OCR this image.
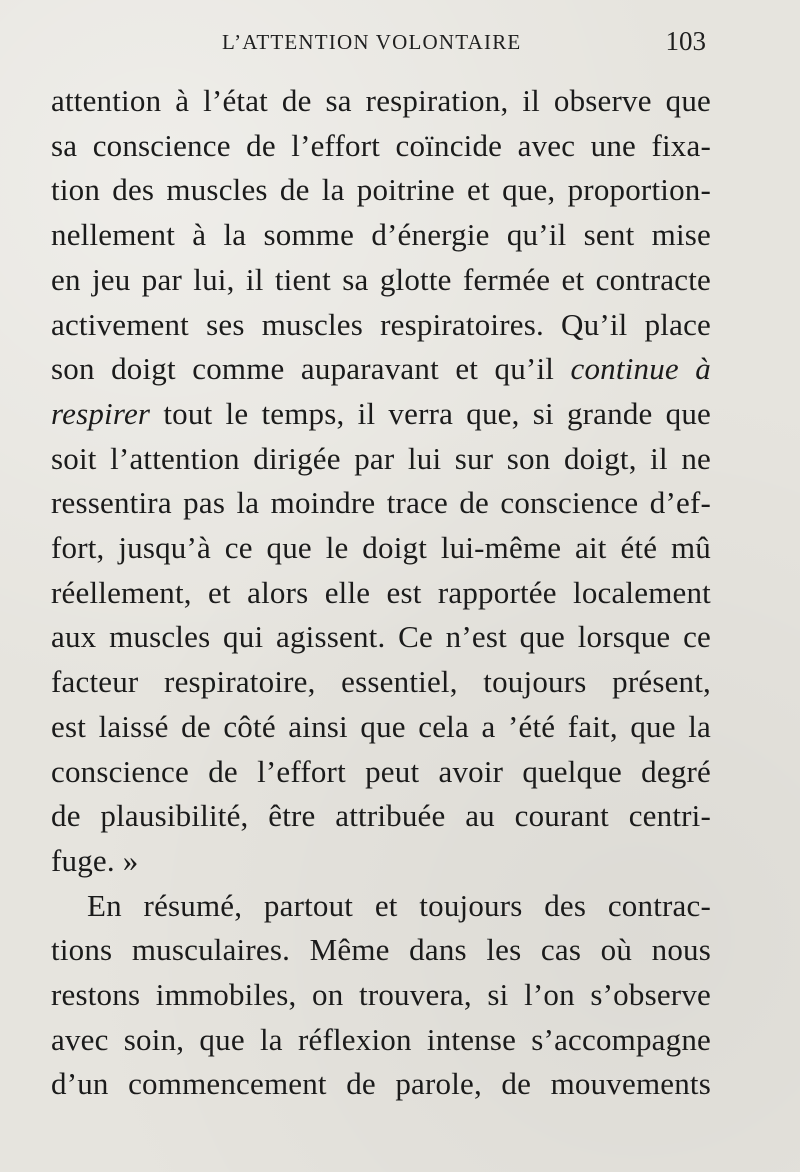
L’ATTENTION VOLONTAIRE	103
attention à l’état de sa respiration, il observe que
sa conscience de l’effort coïncide avec une fixa-
tion des muscles de la poitrine et que, proportion-
nellement à la somme d’énergie qu’il sent mise
en jeu par lui, il tient sa glotte fermée et contracte
activement ses muscles respiratoires. Qu’il place
son doigt comme auparavant et qu’il continue à
respirer tout le temps, il verra que, si grande que
soit l’attention dirigée par lui sur son doigt, il ne
ressentira pas la moindre trace de conscience d’ef-
fort, jusqu’à ce que le doigt lui-même ait été mû
réellement, et alors elle est rapportée localement
aux muscles qui agissent. Ce n’est que lorsque ce
facteur respiratoire, essentiel, toujours présent,
est laissé de côté ainsi que cela a ’été fait, que la
conscience de l’effort peut avoir quelque degré
de plausibilité, être attribuée au courant centri-
fuge. »
En résumé, partout et toujours des contrac-
tions musculaires. Même dans les cas où nous
restons immobiles, on trouvera, si l’on s’observe
avec soin, que la réflexion intense s’accompagne
d’un commencement de parole, de mouvements
